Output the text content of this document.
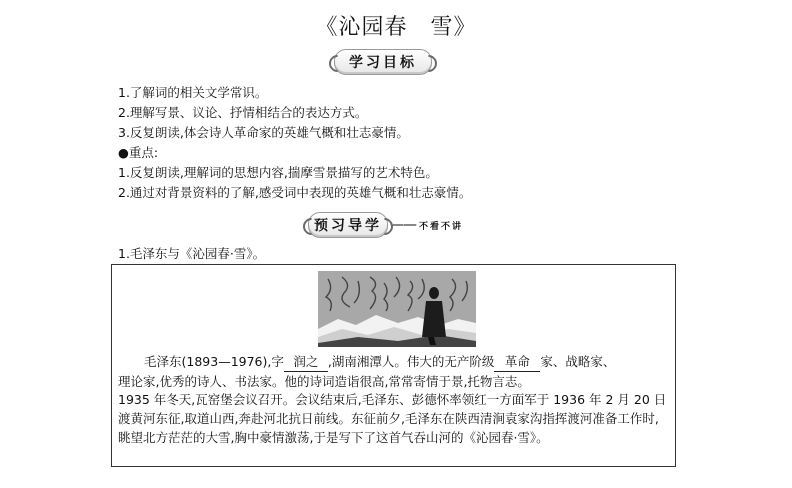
《沁园春　雪》
学习目标
1.了解词的相关文学常识。
2.理解写景、议论、抒情相结合的表达方式。
3.反复朗读,体会诗人革命家的英雄气概和壮志豪情。
●重点:
1.反复朗读,理解词的思想内容,揣摩雪景描写的艺术特色。
2.通过对背景资料的了解,感受词中表现的英雄气概和壮志豪情。
预习导学 —— 不看不讲
1.毛泽东与《沁园春·雪》。
毛泽东(1893—1976),字 润之 ,湖南湘潭人。伟大的无产阶级 革命 家、战略家、
理论家,优秀的诗人、书法家。他的诗词造诣很高,常常寄情于景,托物言志。
1935 年冬天,瓦窑堡会议召开。会议结束后,毛泽东、彭德怀率领红一方面军于 1936 年 2 月 20 日渡黄河东征,取道山西,奔赴河北抗日前线。东征前夕,毛泽东在陕西清涧袁家沟指挥渡河准备工作时,眺望北方茫茫的大雪,胸中豪情激荡,于是写下了这首气吞山河的《沁园春·雪》。
